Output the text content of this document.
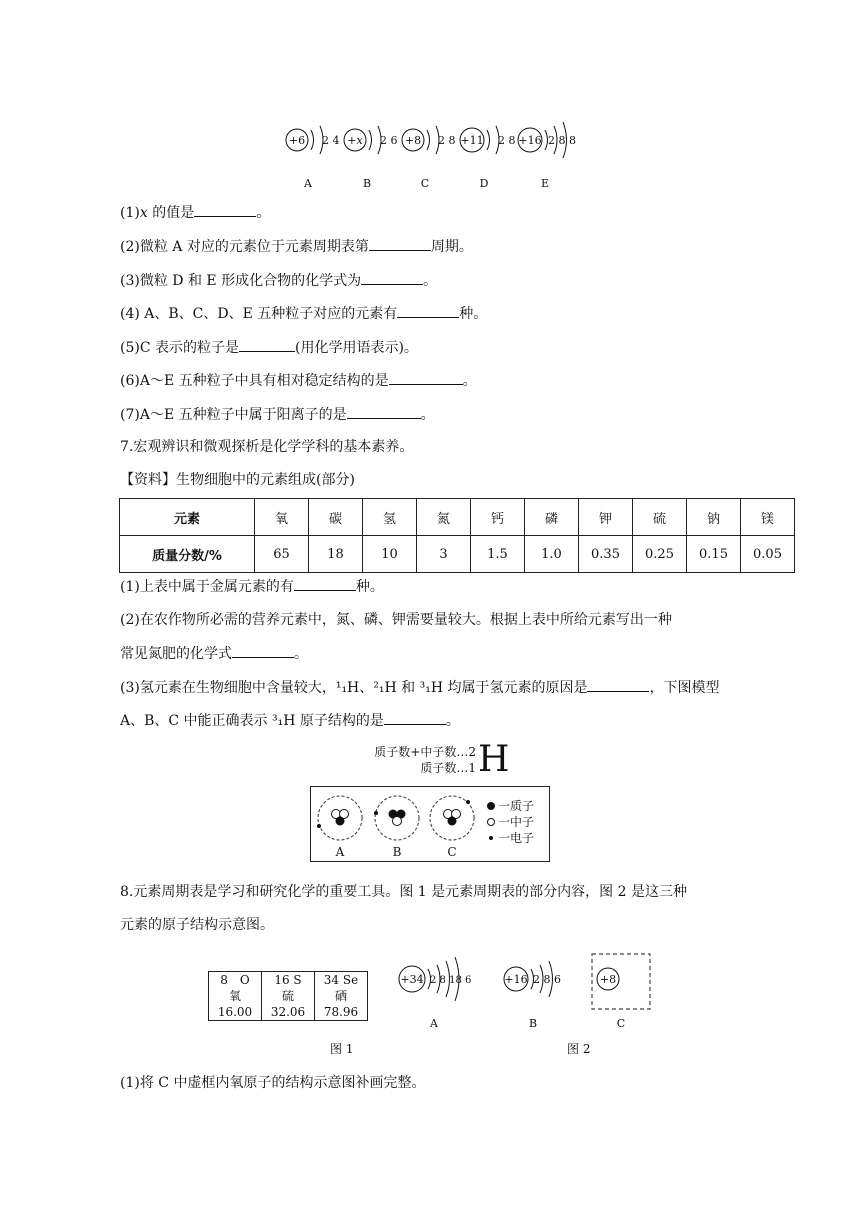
+6 2 4
A
+x 2 6
B
+8 2 8
C
+11 2 8
D
+16 2 8 8
E
(1)x 的值是	。
(2)微粒 A 对应的元素位于元素周期表第	周期。
(3)微粒 D 和 E 形成化合物的化学式为	。
(4) A、B、C、D、E 五种粒子对应的元素有	种。
(5)C 表示的粒子是	(用化学用语表示)。
(6)A～E 五种粒子中具有相对稳定结构的是	。
(7)A～E 五种粒子中属于阳离子的是	。
7.宏观辨识和微观探析是化学学科的基本素养。
【资料】生物细胞中的元素组成(部分)
元素	氧	碳	氢	氮	钙	磷	钾	硫	钠	镁
质量分数/%	65	18	10	3	1.5	1.0	0.35	0.25	0.15	0.05
(1)上表中属于金属元素的有	种。
(2)在农作物所必需的营养元素中，氮、磷、钾需要量较大。根据上表中所给元素写出一种
常见氮肥的化学式	。
(3)氢元素在生物细胞中含量较大，¹₁H、²₁H 和 ³₁H 均属于氢元素的原因是	，下图模型
A、B、C 中能正确表示 ³₁H 原子结构的是	。
质子数+中子数…2
质子数…1 H
A	B	C
一质子
一中子
一电子
8.元素周期表是学习和研究化学的重要工具。图 1 是元素周期表的部分内容，图 2 是这三种
元素的原子结构示意图。
8　O
氧
16.00

16 S
硫
32.06

34 Se
硒
78.96
+34 2 8 18 6
A
+16 2 8 6
B
+8
C
图 1	图 2
(1)将 C 中虚框内氧原子的结构示意图补画完整。
